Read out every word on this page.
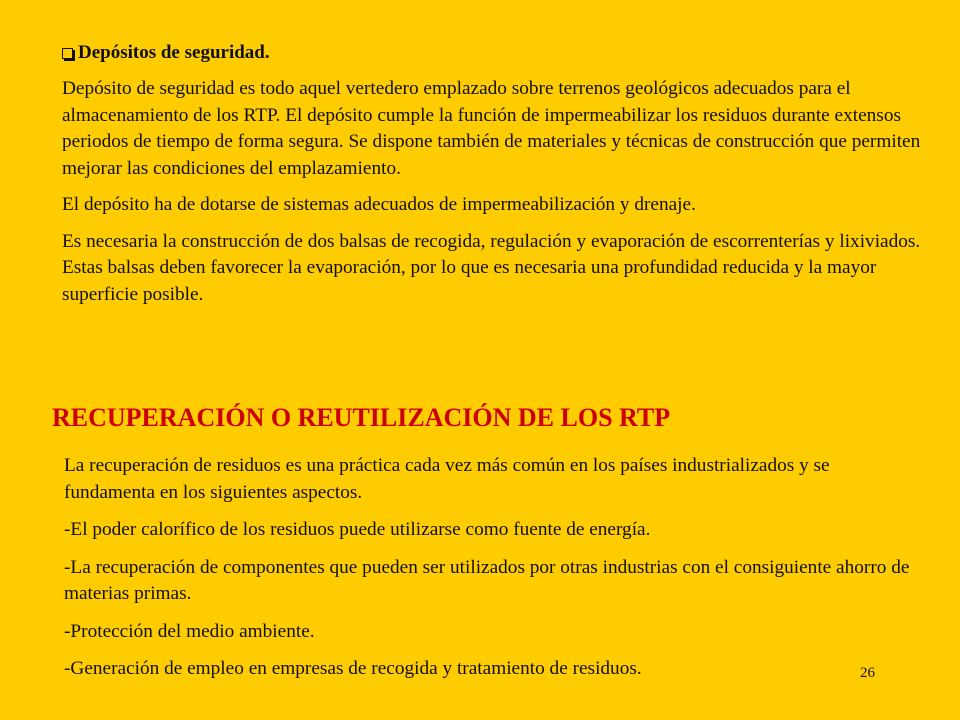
Depósitos de seguridad.

Depósito de seguridad es todo aquel vertedero emplazado sobre terrenos geológicos adecuados para el almacenamiento de los RTP. El depósito cumple la función de impermeabilizar los residuos durante extensos periodos de tiempo de forma segura. Se dispone también de materiales y técnicas de construcción que permiten mejorar las condiciones del emplazamiento.

El depósito ha de dotarse de sistemas adecuados de impermeabilización y drenaje.

Es necesaria la construcción de dos balsas de recogida, regulación y evaporación de escorrenterías y lixiviados. Estas balsas deben favorecer la evaporación, por lo que es necesaria una profundidad reducida y la mayor superficie posible.

RECUPERACIÓN O REUTILIZACIÓN DE LOS RTP

La recuperación de residuos es una práctica cada vez más común en los países industrializados y se fundamenta en los siguientes aspectos.

-El poder calorífico de los residuos puede utilizarse como fuente de energía.

-La recuperación de componentes que pueden ser utilizados por otras industrias con el consiguiente ahorro de materias primas.

-Protección del medio ambiente.

-Generación de empleo en empresas de recogida y tratamiento de residuos.	26
